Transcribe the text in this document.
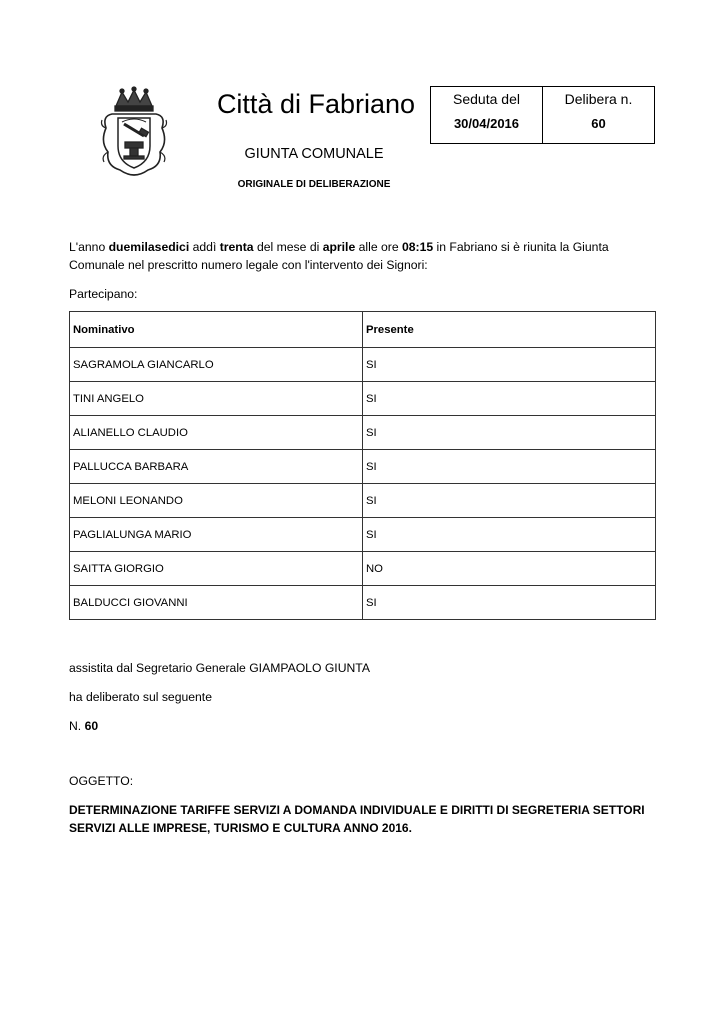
Città di Fabriano
GIUNTA COMUNALE
ORIGINALE DI DELIBERAZIONE
Seduta del
30/04/2016
Delibera n.
60
L'anno duemilasedici addì trenta del mese di aprile alle ore 08:15 in Fabriano si è riunita la Giunta Comunale nel prescritto numero legale con l'intervento dei Signori:
Partecipano:
Nominativo	Presente
SAGRAMOLA GIANCARLO	SI
TINI ANGELO	SI
ALIANELLO CLAUDIO	SI
PALLUCCA BARBARA	SI
MELONI LEONANDO	SI
PAGLIALUNGA MARIO	SI
SAITTA GIORGIO	NO
BALDUCCI GIOVANNI	SI
assistita dal Segretario Generale GIAMPAOLO GIUNTA
ha deliberato sul seguente
N. 60
OGGETTO:
DETERMINAZIONE TARIFFE SERVIZI A DOMANDA INDIVIDUALE E DIRITTI DI SEGRETERIA SETTORI SERVIZI ALLE IMPRESE, TURISMO E CULTURA ANNO 2016.
